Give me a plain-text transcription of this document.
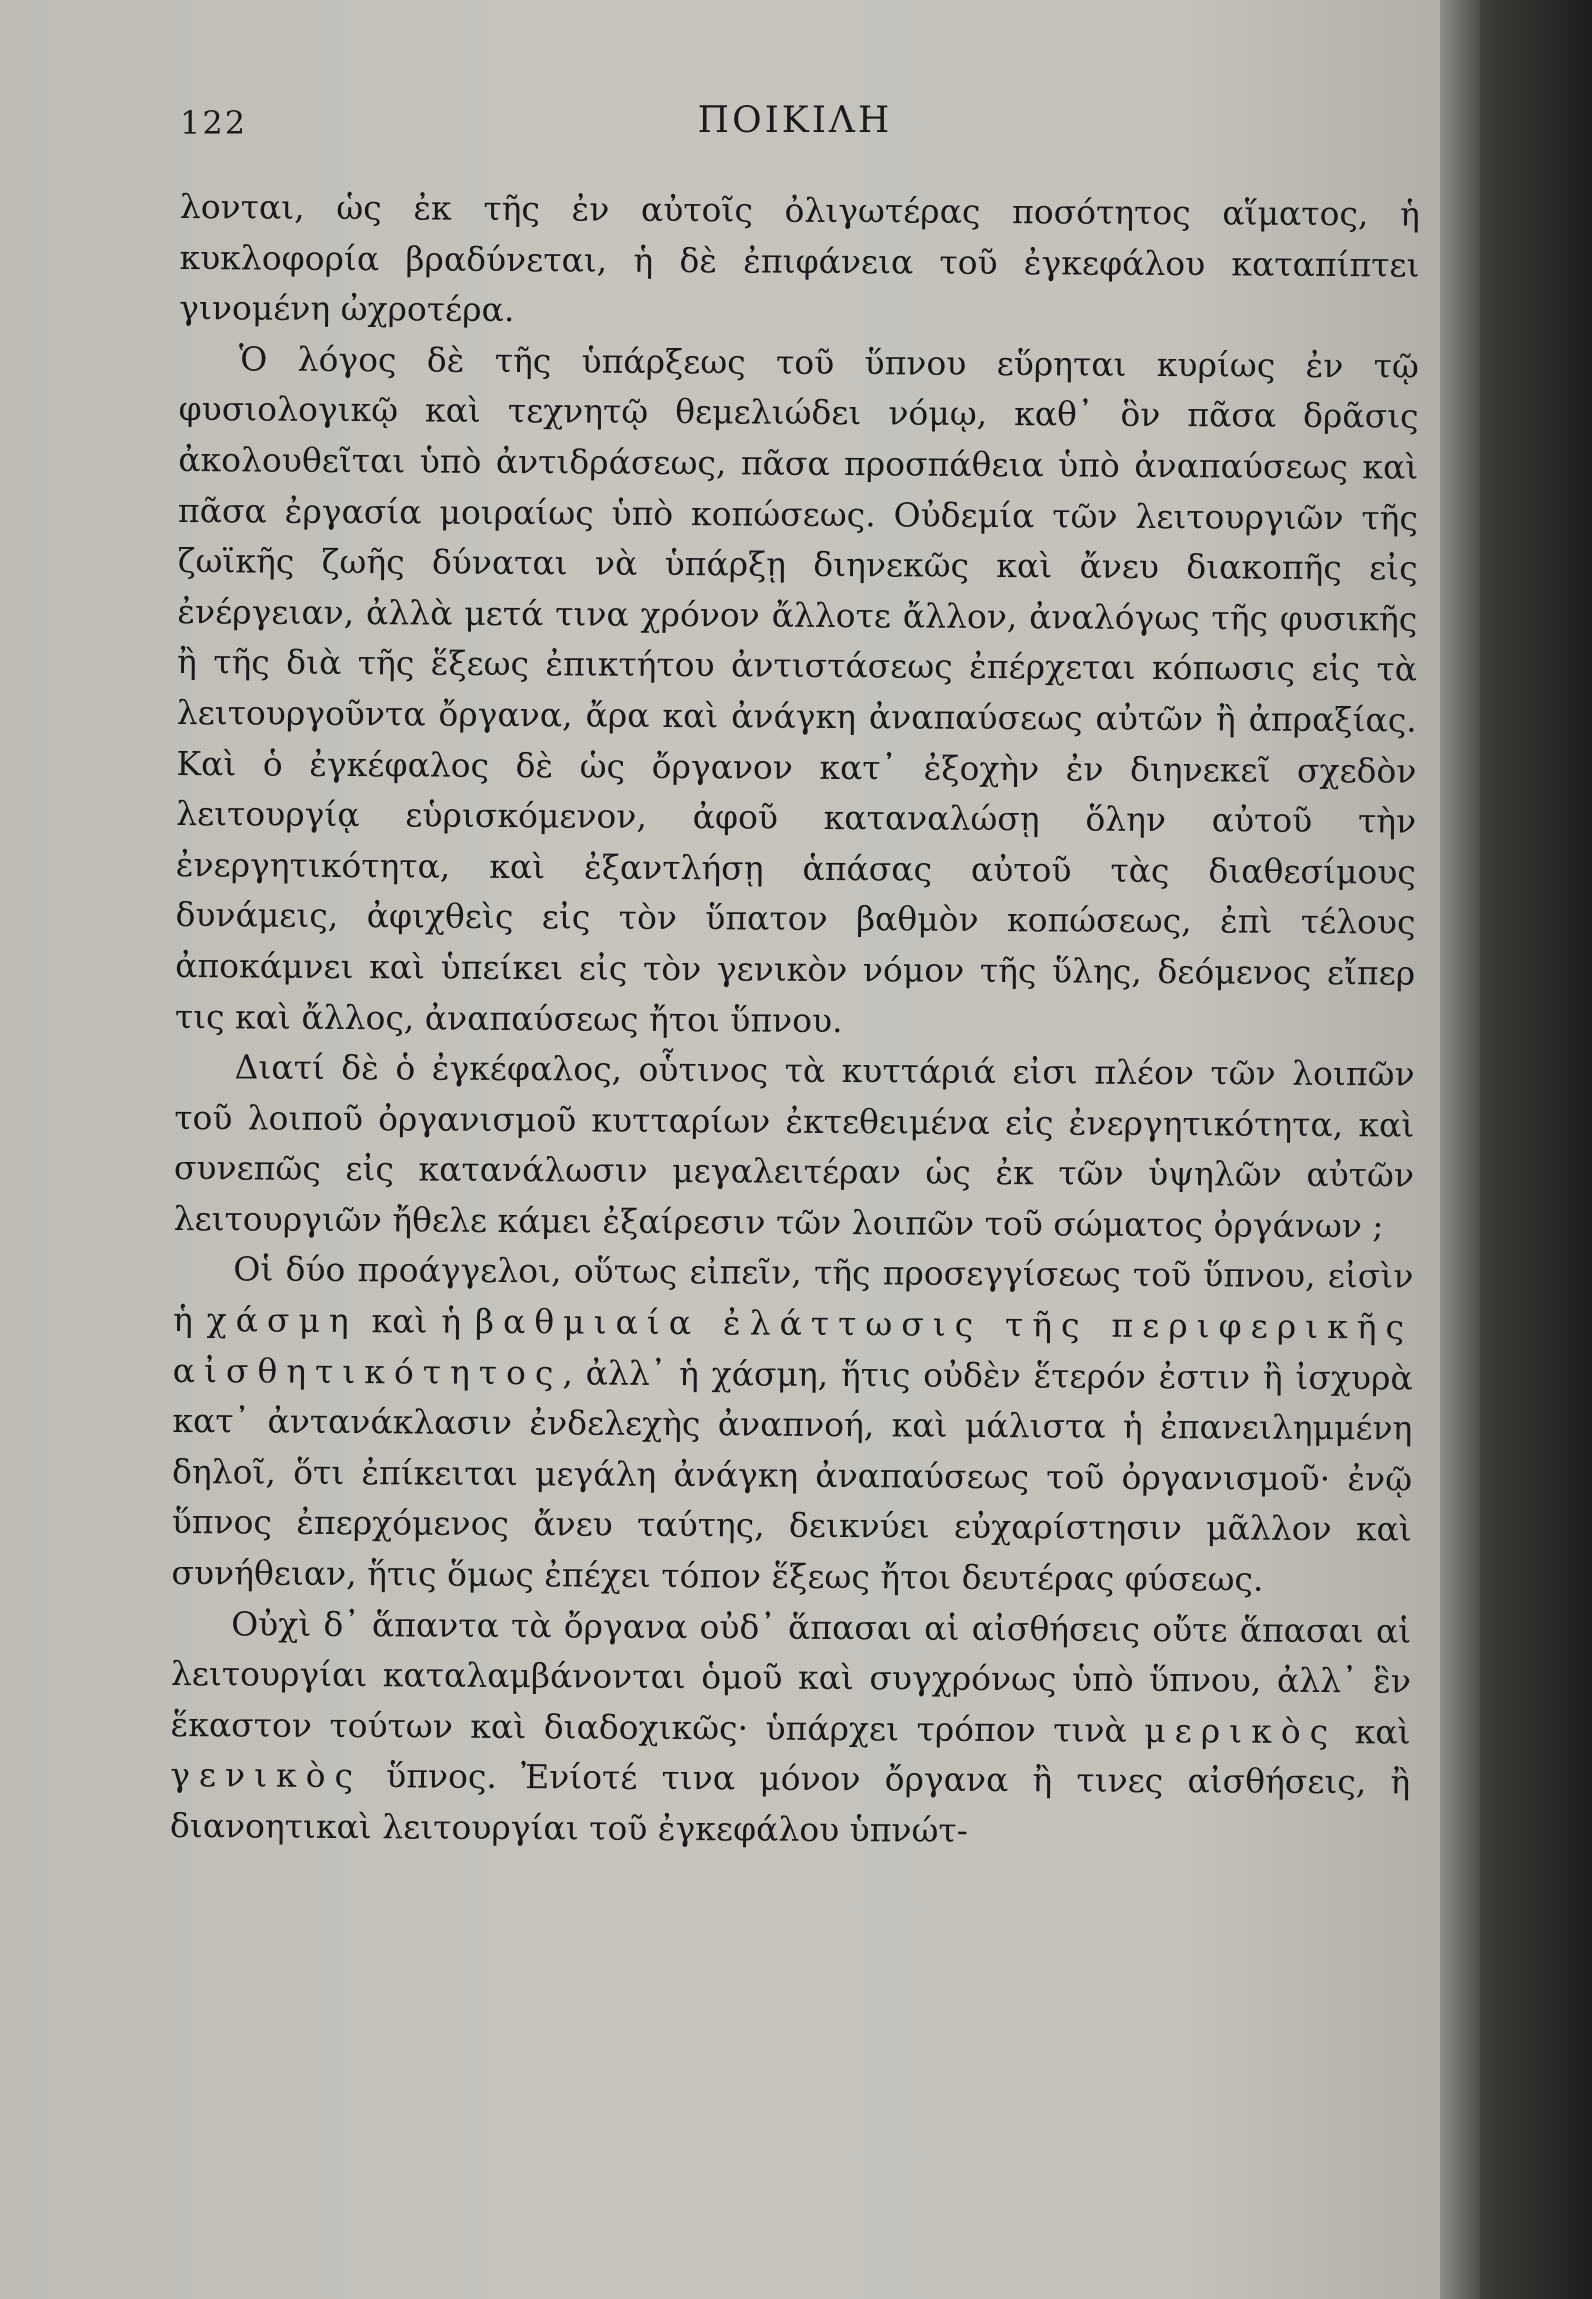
122	ΠΟΙΚΙΛΗ

λονται, ὡς ἐκ τῆς ἐν αὐτοῖς ὀλιγωτέρας ποσότητος αἵματος, ἡ κυκλοφορία βραδύνεται, ἡ δὲ ἐπιφάνεια τοῦ ἐγκεφάλου καταπίπτει γινομένη ὠχροτέρα.

Ὁ λόγος δὲ τῆς ὑπάρξεως τοῦ ὕπνου εὕρηται κυρίως ἐν τῷ φυσιολογικῷ καὶ τεχνητῷ θεμελιώδει νόμῳ, καθ᾽ ὃν πᾶσα δρᾶσις ἀκολουθεῖται ὑπὸ ἀντιδράσεως, πᾶσα προσπάθεια ὑπὸ ἀναπαύσεως καὶ πᾶσα ἐργασία μοιραίως ὑπὸ κοπώσεως. Οὐδεμία τῶν λειτουργιῶν τῆς ζωϊκῆς ζωῆς δύναται νὰ ὑπάρξῃ διηνεκῶς καὶ ἄνευ διακοπῆς εἰς ἐνέργειαν, ἀλλὰ μετά τινα χρόνον ἄλλοτε ἄλλον, ἀναλόγως τῆς φυσικῆς ἢ τῆς διὰ τῆς ἕξεως ἐπικτήτου ἀντιστάσεως ἐπέρχεται κόπωσις εἰς τὰ λειτουργοῦντα ὄργανα, ἄρα καὶ ἀνάγκη ἀναπαύσεως αὐτῶν ἢ ἀπραξίας. Καὶ ὁ ἐγκέφαλος δὲ ὡς ὄργανον κατ᾽ ἐξοχὴν ἐν διηνεκεῖ σχεδὸν λειτουργίᾳ εὑρισκόμενον, ἀφοῦ καταναλώσῃ ὅλην αὐτοῦ τὴν ἐνεργητικότητα, καὶ ἐξαντλήσῃ ἁπάσας αὐτοῦ τὰς διαθεσίμους δυνάμεις, ἀφιχθεὶς εἰς τὸν ὕπατον βαθμὸν κοπώσεως, ἐπὶ τέλους ἀποκάμνει καὶ ὑπείκει εἰς τὸν γενικὸν νόμον τῆς ὕλης, δεόμενος εἴπερ τις καὶ ἄλλος, ἀναπαύσεως ἤτοι ὕπνου.

Διατί δὲ ὁ ἐγκέφαλος, οὗτινος τὰ κυττάριά εἰσι πλέον τῶν λοιπῶν τοῦ λοιποῦ ὀργανισμοῦ κυτταρίων ἐκτεθειμένα εἰς ἐνεργητικότητα, καὶ συνεπῶς εἰς κατανάλωσιν μεγαλειτέραν ὡς ἐκ τῶν ὑψηλῶν αὐτῶν λειτουργιῶν ἤθελε κάμει ἐξαίρεσιν τῶν λοιπῶν τοῦ σώματος ὀργάνων ;

Οἱ δύο προάγγελοι, οὕτως εἰπεῖν, τῆς προσεγγίσεως τοῦ ὕπνου, εἰσὶν ἡ χάσμη καὶ ἡ βαθμιαία ἐλάττωσις τῆς περιφερικῆς αἰσθητικότητος, ἀλλ᾽ ἡ χάσμη, ἥτις οὐδὲν ἕτερόν ἐστιν ἢ ἰσχυρὰ κατ᾽ ἀντανάκλασιν ἐνδελεχὴς ἀναπνοή, καὶ μάλιστα ἡ ἐπανειλημμένη δηλοῖ, ὅτι ἐπίκειται μεγάλη ἀνάγκη ἀναπαύσεως τοῦ ὀργανισμοῦ· ἐνῷ ὕπνος ἐπερχόμενος ἄνευ ταύτης, δεικνύει εὐχαρίστησιν μᾶλλον καὶ συνήθειαν, ἥτις ὅμως ἐπέχει τόπον ἕξεως ἤτοι δευτέρας φύσεως.

Οὐχὶ δ᾽ ἅπαντα τὰ ὄργανα οὐδ᾽ ἅπασαι αἱ αἰσθήσεις οὔτε ἅπασαι αἱ λειτουργίαι καταλαμβάνονται ὁμοῦ καὶ συγχρόνως ὑπὸ ὕπνου, ἀλλ᾽ ἓν ἕκαστον τούτων καὶ διαδοχικῶς· ὑπάρχει τρόπον τινὰ μερικὸς καὶ γενικὸς ὕπνος. Ἐνίοτέ τινα μόνον ὄργανα ἢ τινες αἰσθήσεις, ἢ διανοητικαὶ λειτουργίαι τοῦ ἐγκεφάλου ὑπνώτ-
